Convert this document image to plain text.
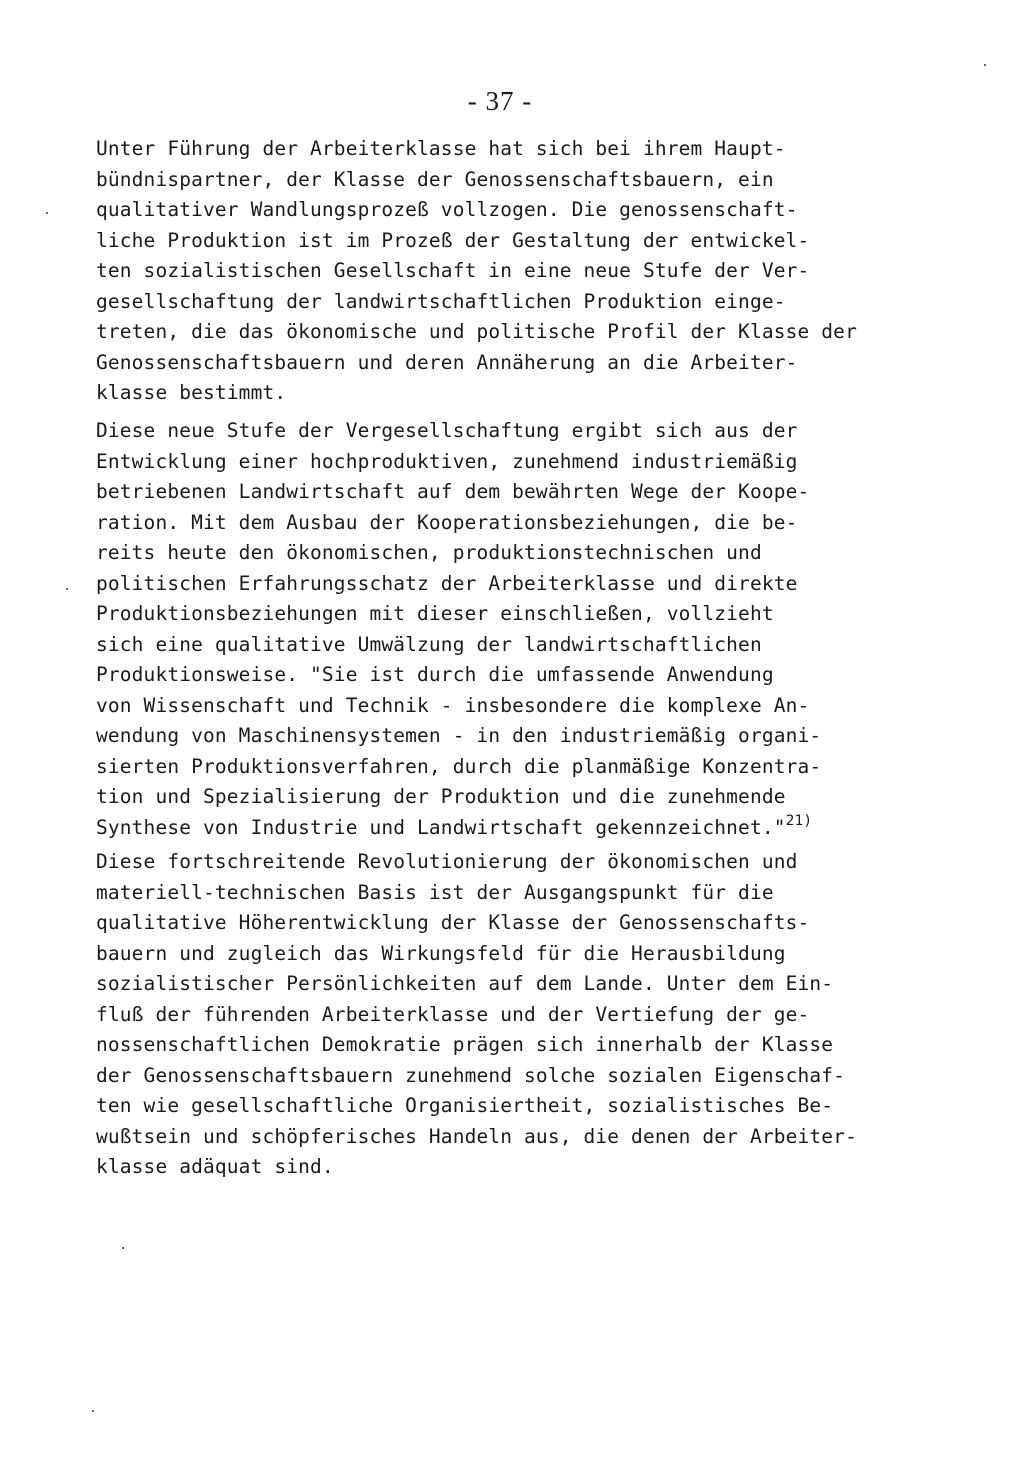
- 37 -
Unter Führung der Arbeiterklasse hat sich bei ihrem Haupt-
bündnispartner, der Klasse der Genossenschaftsbauern, ein
qualitativer Wandlungsprozeß vollzogen. Die genossenschaft-
liche Produktion ist im Prozeß der Gestaltung der entwickel-
ten sozialistischen Gesellschaft in eine neue Stufe der Ver-
gesellschaftung der landwirtschaftlichen Produktion einge-
treten, die das ökonomische und politische Profil der Klasse der
Genossenschaftsbauern und deren Annäherung an die Arbeiter-
klasse bestimmt.
Diese neue Stufe der Vergesellschaftung ergibt sich aus der
Entwicklung einer hochproduktiven, zunehmend industriemäßig
betriebenen Landwirtschaft auf dem bewährten Wege der Koope-
ration. Mit dem Ausbau der Kooperationsbeziehungen, die be-
reits heute den ökonomischen, produktionstechnischen und
politischen Erfahrungsschatz der Arbeiterklasse und direkte
Produktionsbeziehungen mit dieser einschließen, vollzieht
sich eine qualitative Umwälzung der landwirtschaftlichen
Produktionsweise. "Sie ist durch die umfassende Anwendung
von Wissenschaft und Technik - insbesondere die komplexe An-
wendung von Maschinensystemen - in den industriemäßig organi-
sierten Produktionsverfahren, durch die planmäßige Konzentra-
tion und Spezialisierung der Produktion und die zunehmende
Synthese von Industrie und Landwirtschaft gekennzeichnet."$^{21)}$
Diese fortschreitende Revolutionierung der ökonomischen und
materiell-technischen Basis ist der Ausgangspunkt für die
qualitative Höherentwicklung der Klasse der Genossenschafts-
bauern und zugleich das Wirkungsfeld für die Herausbildung
sozialistischer Persönlichkeiten auf dem Lande. Unter dem Ein-
fluß der führenden Arbeiterklasse und der Vertiefung der ge-
nossenschaftlichen Demokratie prägen sich innerhalb der Klasse
der Genossenschaftsbauern zunehmend solche sozialen Eigenschaf-
ten wie gesellschaftliche Organisiertheit, sozialistisches Be-
wußtsein und schöpferisches Handeln aus, die denen der Arbeiter-
klasse adäquat sind.
